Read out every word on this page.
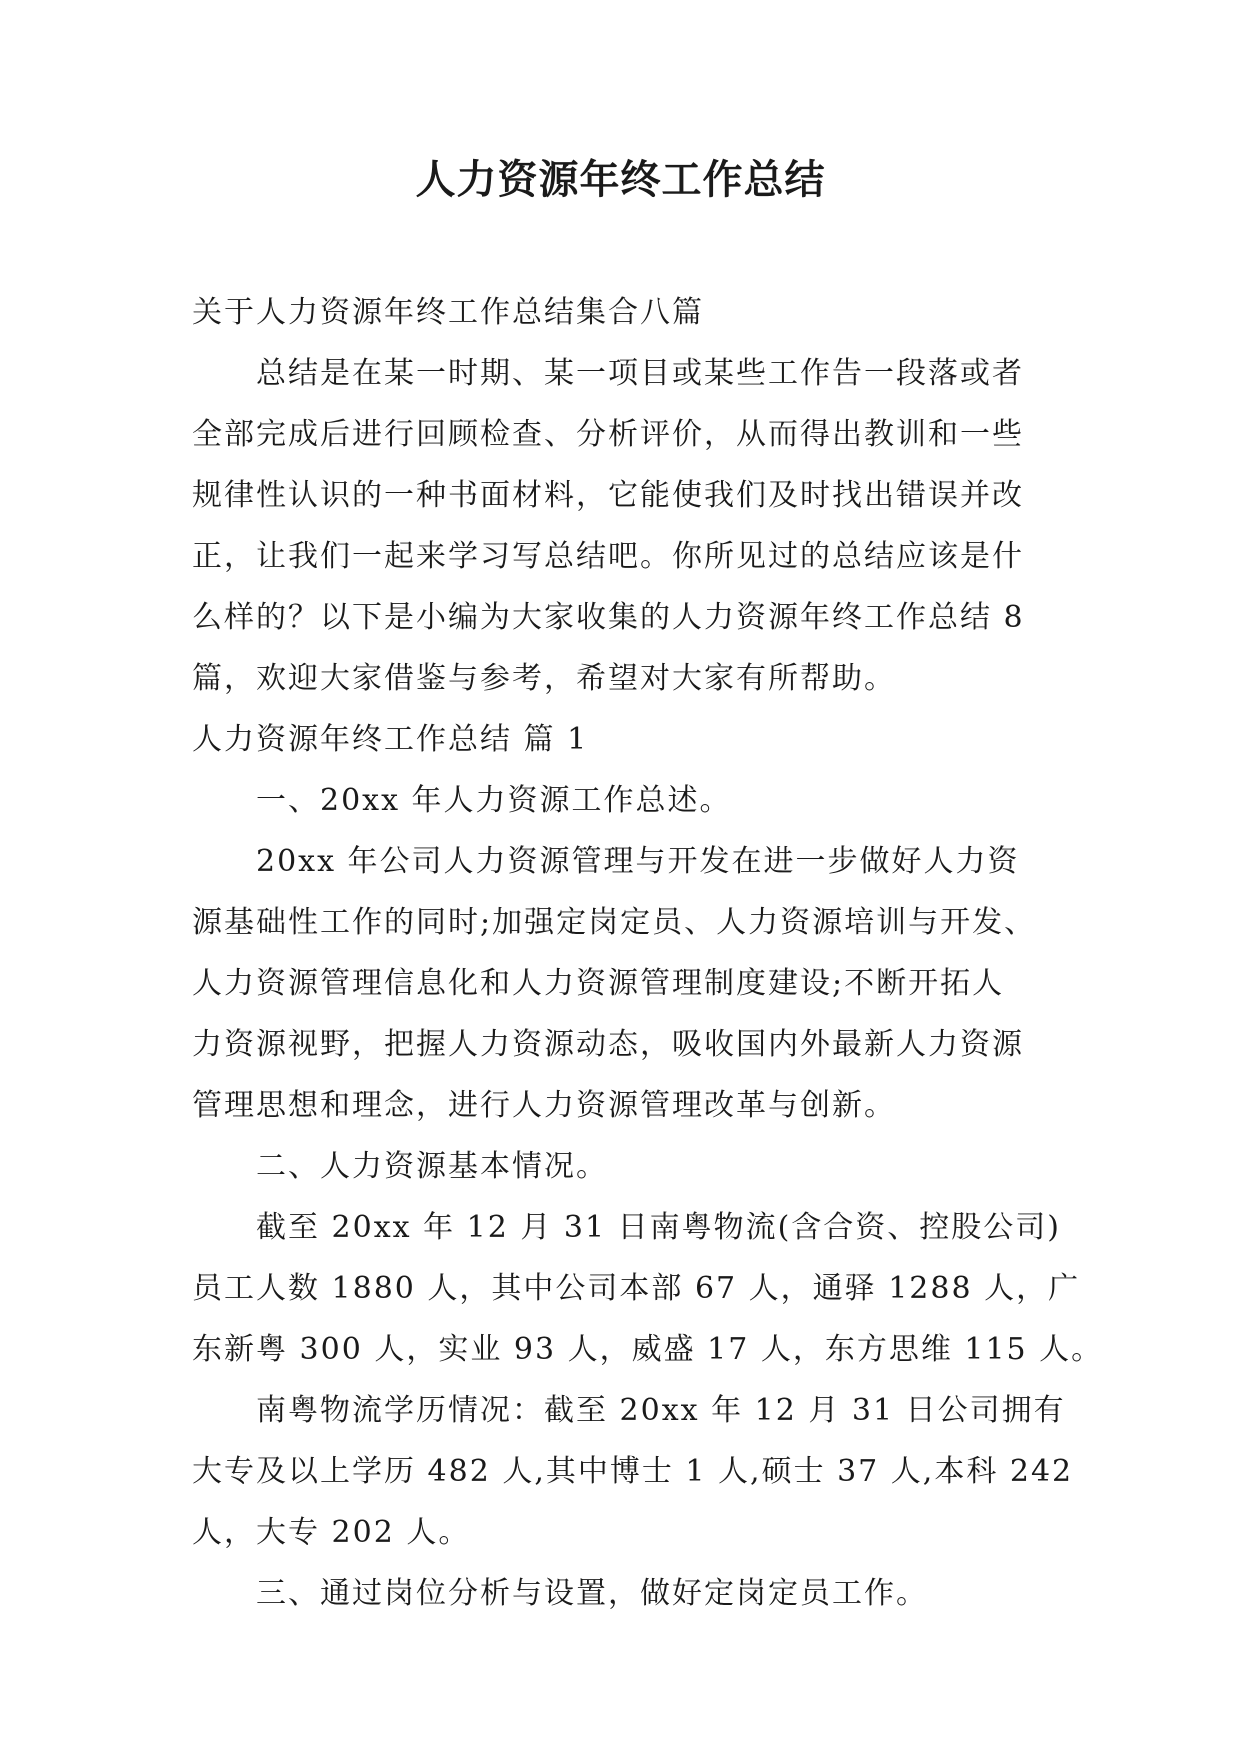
人力资源年终工作总结

关于人力资源年终工作总结集合八篇

总结是在某一时期、某一项目或某些工作告一段落或者

全部完成后进行回顾检查、分析评价，从而得出教训和一些

规律性认识的一种书面材料，它能使我们及时找出错误并改

正，让我们一起来学习写总结吧。你所见过的总结应该是什

么样的？以下是小编为大家收集的人力资源年终工作总结 8

篇，欢迎大家借鉴与参考，希望对大家有所帮助。

人力资源年终工作总结 篇 1

一、20xx 年人力资源工作总述。

20xx 年公司人力资源管理与开发在进一步做好人力资

源基础性工作的同时;加强定岗定员、人力资源培训与开发、

人力资源管理信息化和人力资源管理制度建设;不断开拓人

力资源视野，把握人力资源动态，吸收国内外最新人力资源

管理思想和理念，进行人力资源管理改革与创新。

二、人力资源基本情况。

截至 20xx 年 12 月 31 日南粤物流(含合资、控股公司)

员工人数 1880 人，其中公司本部 67 人，通驿 1288 人，广

东新粤 300 人，实业 93 人，威盛 17 人，东方思维 115 人。

南粤物流学历情况：截至 20xx 年 12 月 31 日公司拥有

大专及以上学历 482 人,其中博士 1 人,硕士 37 人,本科 242

人，大专 202 人。

三、通过岗位分析与设置，做好定岗定员工作。
